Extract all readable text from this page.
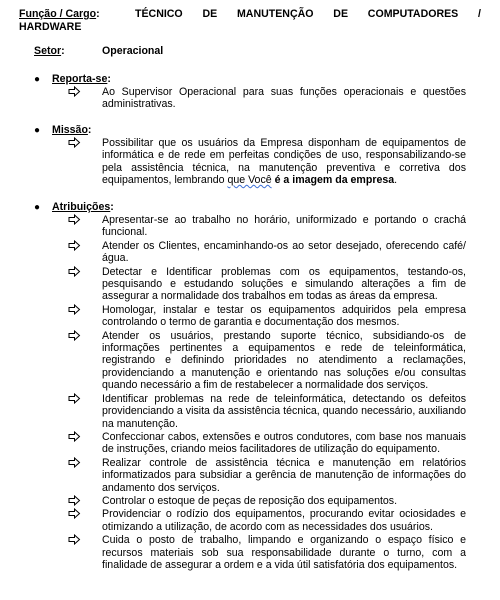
Função / Cargo:	TÉCNICO DE MANUTENÇÃO DE COMPUTADORES /
HARDWARE
Setor:	Operacional
● Reporta-se:
Ao Supervisor Operacional para suas funções operacionais e questões administrativas.
● Missão:
Possibilitar que os usuários da Empresa disponham de equipamentos de informática e de rede em perfeitas condições de uso, responsabilizando-se pela assistência técnica, na manutenção preventiva e corretiva dos equipamentos, lembrando que Você é a imagem da empresa.
● Atribuições:
Apresentar-se ao trabalho no horário, uniformizado e portando o crachá funcional.
Atender os Clientes, encaminhando-os ao setor desejado, oferecendo café/água.
Detectar e Identificar problemas com os equipamentos, testando-os, pesquisando e estudando soluções e simulando alterações a fim de assegurar a normalidade dos trabalhos em todas as áreas da empresa.
Homologar, instalar e testar os equipamentos adquiridos pela empresa controlando o termo de garantia e documentação dos mesmos.
Atender os usuários, prestando suporte técnico, subsidiando-os de informações pertinentes a equipamentos e rede de teleinformática, registrando e definindo prioridades no atendimento a reclamações, providenciando a manutenção e orientando nas soluções e/ou consultas quando necessário a fim de restabelecer a normalidade dos serviços.
Identificar problemas na rede de teleinformática, detectando os defeitos providenciando a visita da assistência técnica, quando necessário, auxiliando na manutenção.
Confeccionar cabos, extensões e outros condutores, com base nos manuais de instruções, criando meios facilitadores de utilização do equipamento.
Realizar controle de assistência técnica e manutenção em relatórios informatizados para subsidiar a gerência de manutenção de informações do andamento dos serviços.
Controlar o estoque de peças de reposição dos equipamentos.
Providenciar o rodízio dos equipamentos, procurando evitar ociosidades e otimizando a utilização, de acordo com as necessidades dos usuários.
Cuida o posto de trabalho, limpando e organizando o espaço físico e recursos materiais sob sua responsabilidade durante o turno, com a finalidade de assegurar a ordem e a vida útil satisfatória dos equipamentos.
